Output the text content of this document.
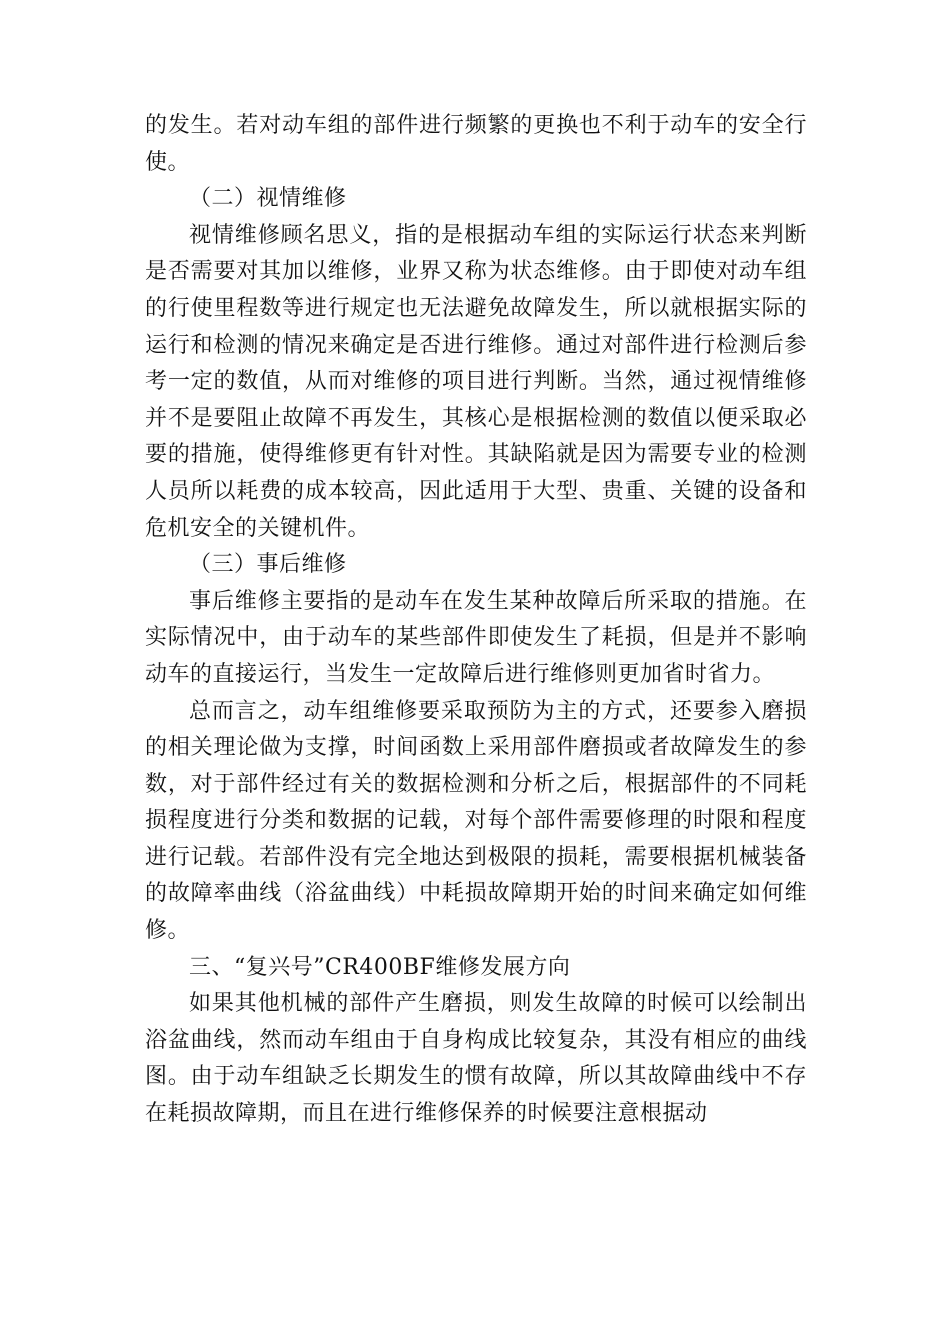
的发生。若对动车组的部件进行频繁的更换也不利于动车的安全行使。

（二）视情维修

视情维修顾名思义，指的是根据动车组的实际运行状态来判断是否需要对其加以维修，业界又称为状态维修。由于即使对动车组的行使里程数等进行规定也无法避免故障发生，所以就根据实际的运行和检测的情况来确定是否进行维修。通过对部件进行检测后参考一定的数值，从而对维修的项目进行判断。当然，通过视情维修并不是要阻止故障不再发生，其核心是根据检测的数值以便采取必要的措施，使得维修更有针对性。其缺陷就是因为需要专业的检测人员所以耗费的成本较高，因此适用于大型、贵重、关键的设备和危机安全的关键机件。

（三）事后维修

事后维修主要指的是动车在发生某种故障后所采取的措施。在实际情况中，由于动车的某些部件即使发生了耗损，但是并不影响动车的直接运行，当发生一定故障后进行维修则更加省时省力。

总而言之，动车组维修要采取预防为主的方式，还要参入磨损的相关理论做为支撑，时间函数上采用部件磨损或者故障发生的参数，对于部件经过有关的数据检测和分析之后，根据部件的不同耗损程度进行分类和数据的记载，对每个部件需要修理的时限和程度进行记载。若部件没有完全地达到极限的损耗，需要根据机械装备的故障率曲线（浴盆曲线）中耗损故障期开始的时间来确定如何维修。

三、“复兴号”CR400BF维修发展方向

如果其他机械的部件产生磨损，则发生故障的时候可以绘制出浴盆曲线，然而动车组由于自身构成比较复杂，其没有相应的曲线图。由于动车组缺乏长期发生的惯有故障，所以其故障曲线中不存在耗损故障期，而且在进行维修保养的时候要注意根据动
